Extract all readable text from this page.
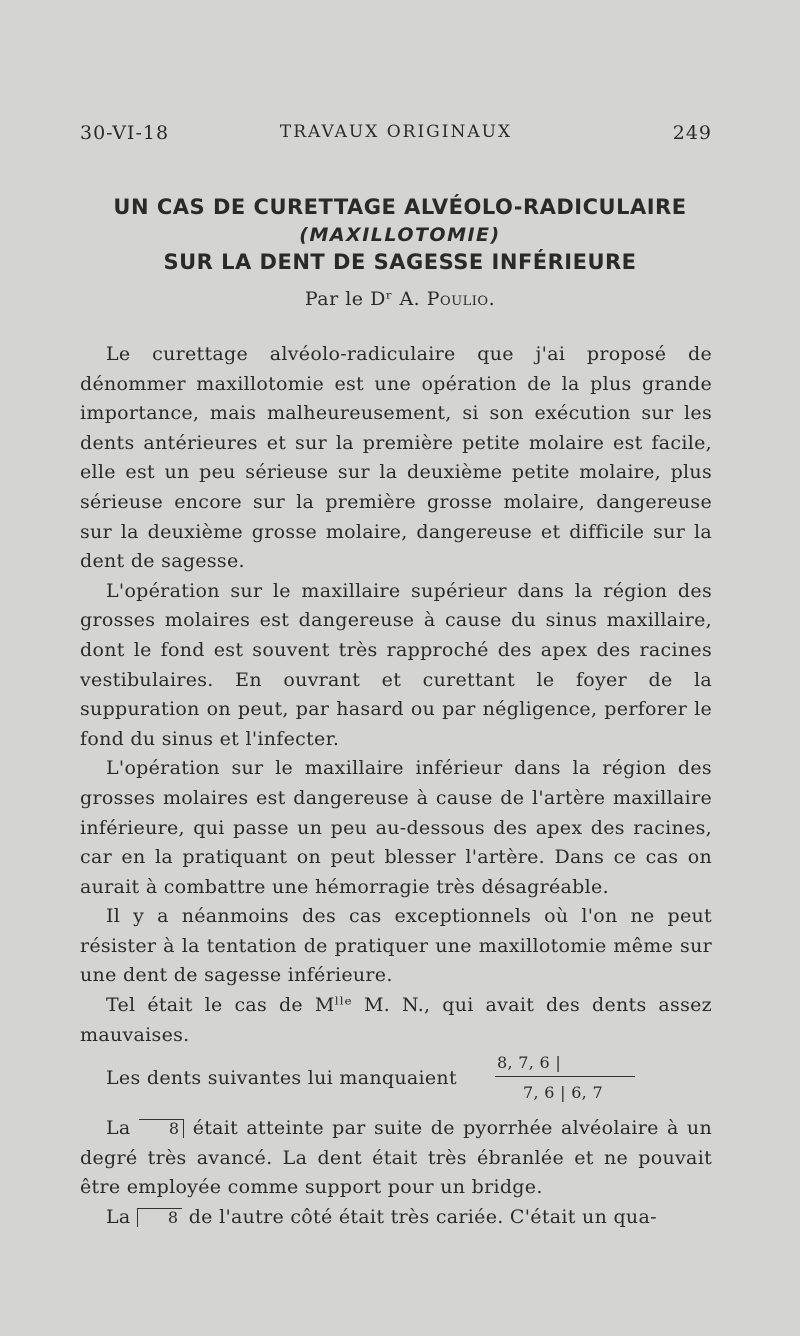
30-VI-18	TRAVAUX ORIGINAUX	249
UN CAS DE CURETTAGE ALVÉOLO-RADICULAIRE
(MAXILLOTOMIE)
SUR LA DENT DE SAGESSE INFÉRIEURE
Par le Dʳ A. Poulio.

Le curettage alvéolo-radiculaire que j'ai proposé de dénommer maxillotomie est une opération de la plus grande importance, mais malheureusement, si son exécution sur les dents antérieures et sur la première petite molaire est facile, elle est un peu sérieuse sur la deuxième petite molaire, plus sérieuse encore sur la première grosse molaire, dangereuse sur la deuxième grosse molaire, dangereuse et difficile sur la dent de sagesse.

L'opération sur le maxillaire supérieur dans la région des grosses molaires est dangereuse à cause du sinus maxillaire, dont le fond est souvent très rapproché des apex des racines vestibulaires. En ouvrant et curettant le foyer de la suppuration on peut, par hasard ou par négligence, perforer le fond du sinus et l'infecter.

L'opération sur le maxillaire inférieur dans la région des grosses molaires est dangereuse à cause de l'artère maxillaire inférieure, qui passe un peu au-dessous des apex des racines, car en la pratiquant on peut blesser l'artère. Dans ce cas on aurait à combattre une hémorragie très désagréable.

Il y a néanmoins des cas exceptionnels où l'on ne peut résister à la tentation de pratiquer une maxillotomie même sur une dent de sagesse inférieure.

Tel était le cas de Mˡˡᵉ M. N., qui avait des dents assez mauvaises.

Les dents suivantes lui manquaient
8, 7, 6 |
7, 6 | 6, 7

La 8 était atteinte par suite de pyorrhée alvéolaire à un degré très avancé. La dent était très ébranlée et ne pouvait être employée comme support pour un bridge.

La 8 de l'autre côté était très cariée. C'était un qua-
